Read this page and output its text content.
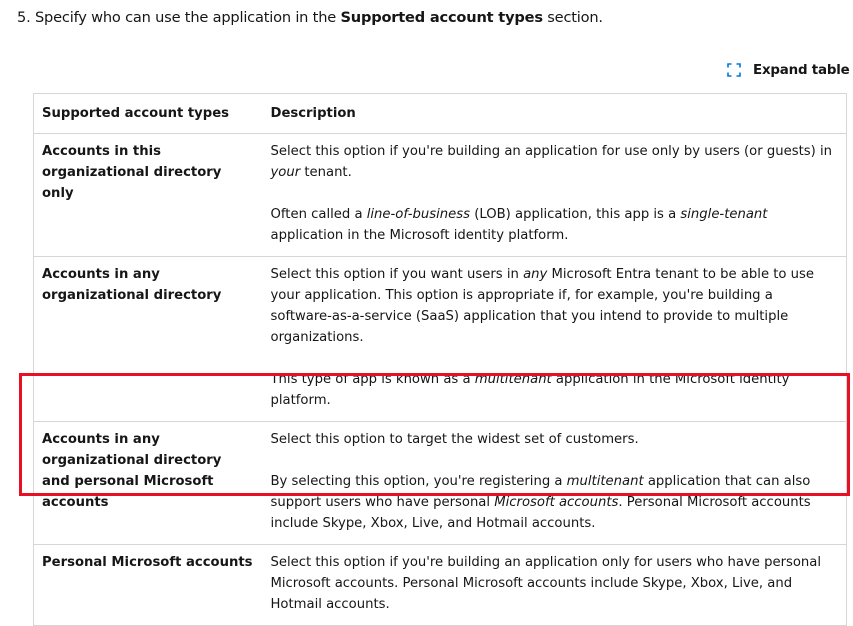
5. Specify who can use the application in the Supported account types section.
Expand table
Supported account types	Description

Accounts in this organizational directory only	Select this option if you're building an application for use only by users (or guests) in your tenant.

Often called a line-of-business (LOB) application, this app is a single-tenant application in the Microsoft identity platform.

Accounts in any organizational directory	Select this option if you want users in any Microsoft Entra tenant to be able to use your application. This option is appropriate if, for example, you're building a software-as-a-service (SaaS) application that you intend to provide to multiple organizations.

This type of app is known as a multitenant application in the Microsoft identity platform.

Accounts in any organizational directory and personal Microsoft accounts	Select this option to target the widest set of customers.

By selecting this option, you're registering a multitenant application that can also support users who have personal Microsoft accounts. Personal Microsoft accounts include Skype, Xbox, Live, and Hotmail accounts.

Personal Microsoft accounts	Select this option if you're building an application only for users who have personal Microsoft accounts. Personal Microsoft accounts include Skype, Xbox, Live, and Hotmail accounts.
